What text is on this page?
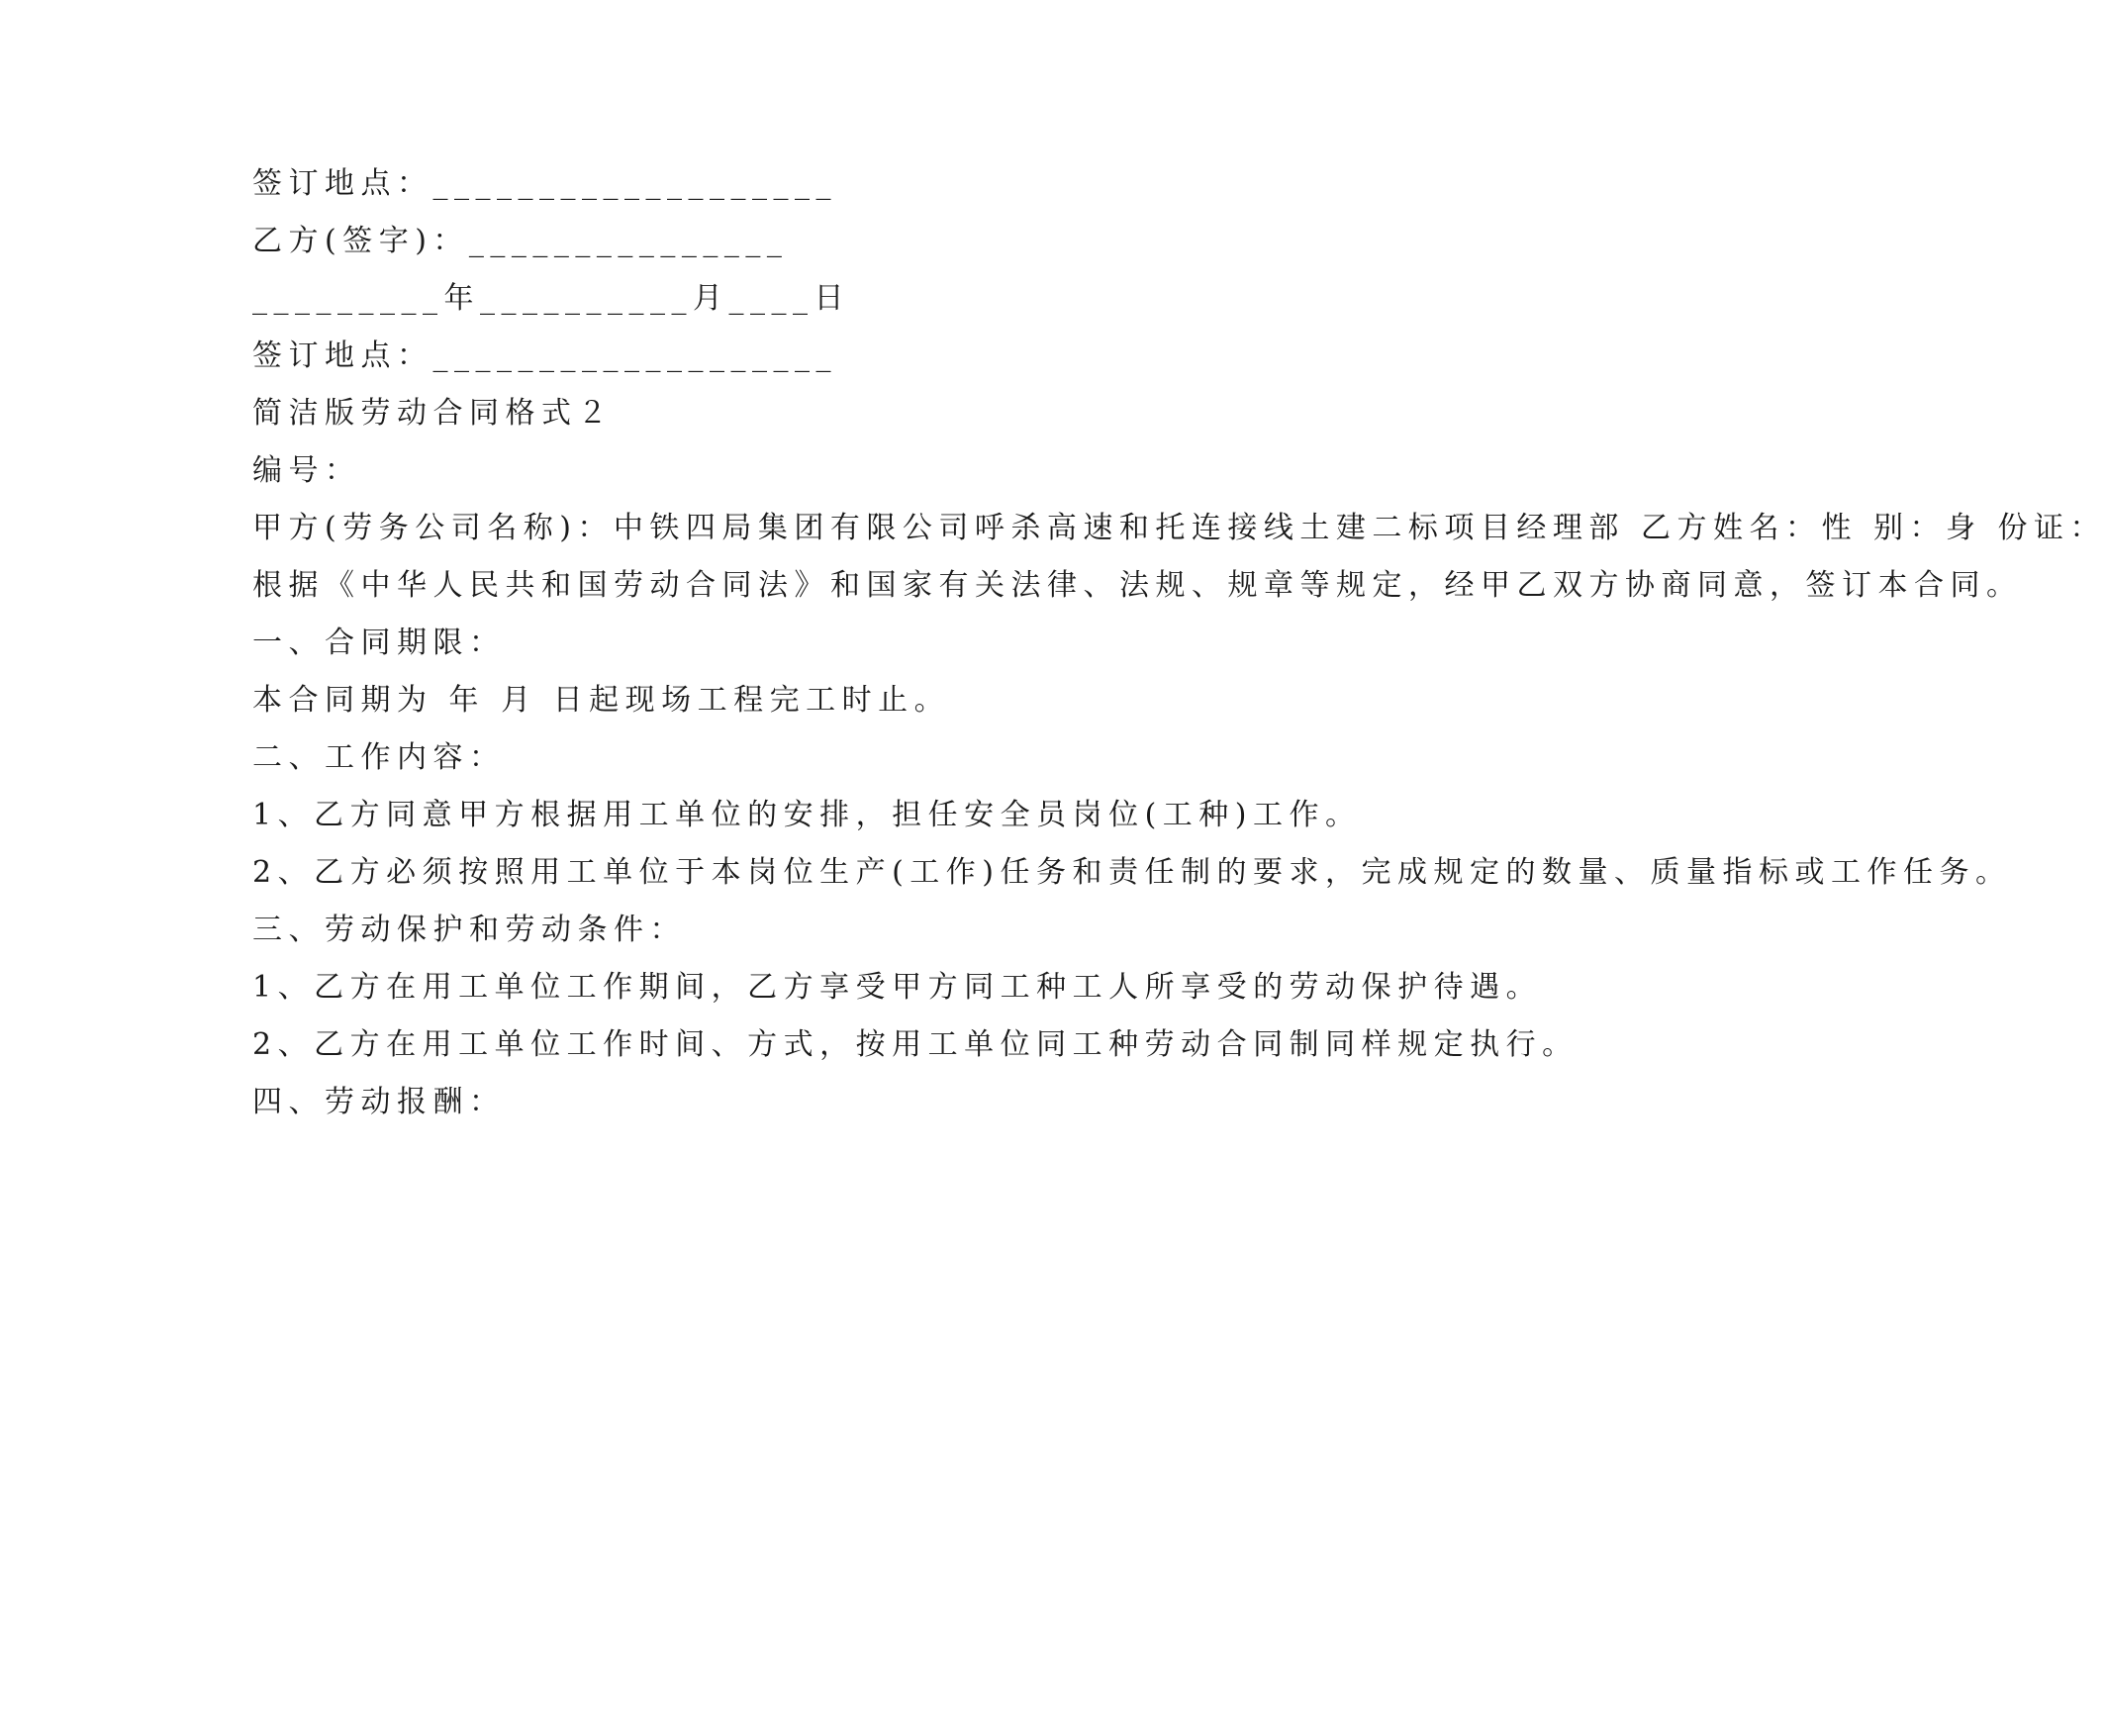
签订地点：___________________

乙方(签字)：_______________

_________年__________月____日

签订地点：___________________

简洁版劳动合同格式２

编号：

甲方(劳务公司名称)：中铁四局集团有限公司呼杀高速和托连接线土建二标项目经理部 乙方姓名：性 别：身 份证：

根据《中华人民共和国劳动合同法》和国家有关法律、法规、规章等规定，经甲乙双方协商同意，签订本合同。

一、合同期限：

本合同期为 年 月 日起现场工程完工时止。

二、工作内容：

1、乙方同意甲方根据用工单位的安排，担任安全员岗位(工种)工作。

2、乙方必须按照用工单位于本岗位生产(工作)任务和责任制的要求，完成规定的数量、质量指标或工作任务。

三、劳动保护和劳动条件：

1、乙方在用工单位工作期间，乙方享受甲方同工种工人所享受的劳动保护待遇。

2、乙方在用工单位工作时间、方式，按用工单位同工种劳动合同制同样规定执行。

四、劳动报酬：
